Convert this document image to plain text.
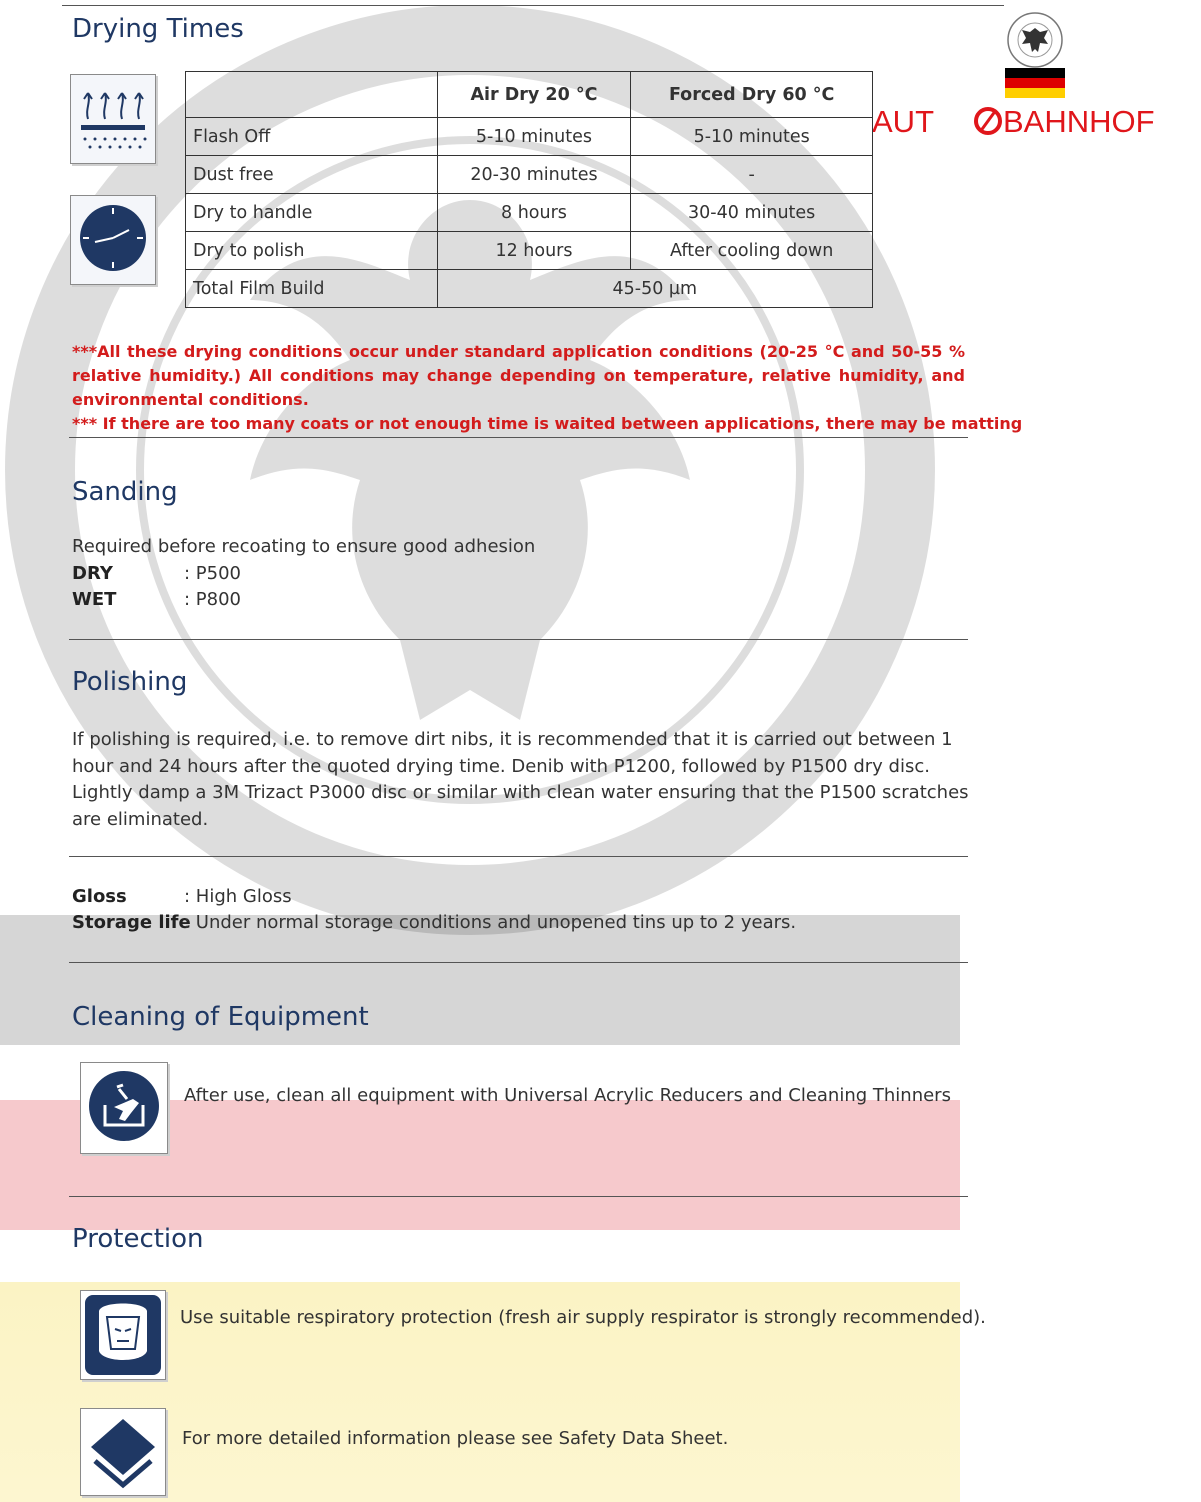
Drying Times
AUT BAHNHOF
	Air Dry 20 °C	Forced Dry 60 °C
Flash Off	5-10 minutes	5-10 minutes
Dust free	20-30 minutes	-
Dry to handle	8 hours	30-40 minutes
Dry to polish	12 hours	After cooling down
Total Film Build	45-50 µm	
***All these drying conditions occur under standard application conditions (20-25 °C and 50-55 % relative humidity.) All conditions may change depending on temperature, relative humidity, and environmental conditions.
*** If there are too many coats or not enough time is waited between applications, there may be matting
Sanding
Required before recoating to ensure good adhesion
DRY	: P500
WET	: P800
Polishing
If polishing is required, i.e. to remove dirt nibs, it is recommended that it is carried out between 1
hour and 24 hours after the quoted drying time. Denib with P1200, followed by P1500 dry disc.
Lightly damp a 3M Trizact P3000 disc or similar with clean water ensuring that the P1500 scratches
are eliminated.
Gloss	: High Gloss
Storage life
: Under normal storage conditions and unopened tins up to 2 years.
Cleaning of Equipment
After use, clean all equipment with Universal Acrylic Reducers and Cleaning Thinners
Protection
Use suitable respiratory protection (fresh air supply respirator is strongly recommended).
For more detailed information please see Safety Data Sheet.
